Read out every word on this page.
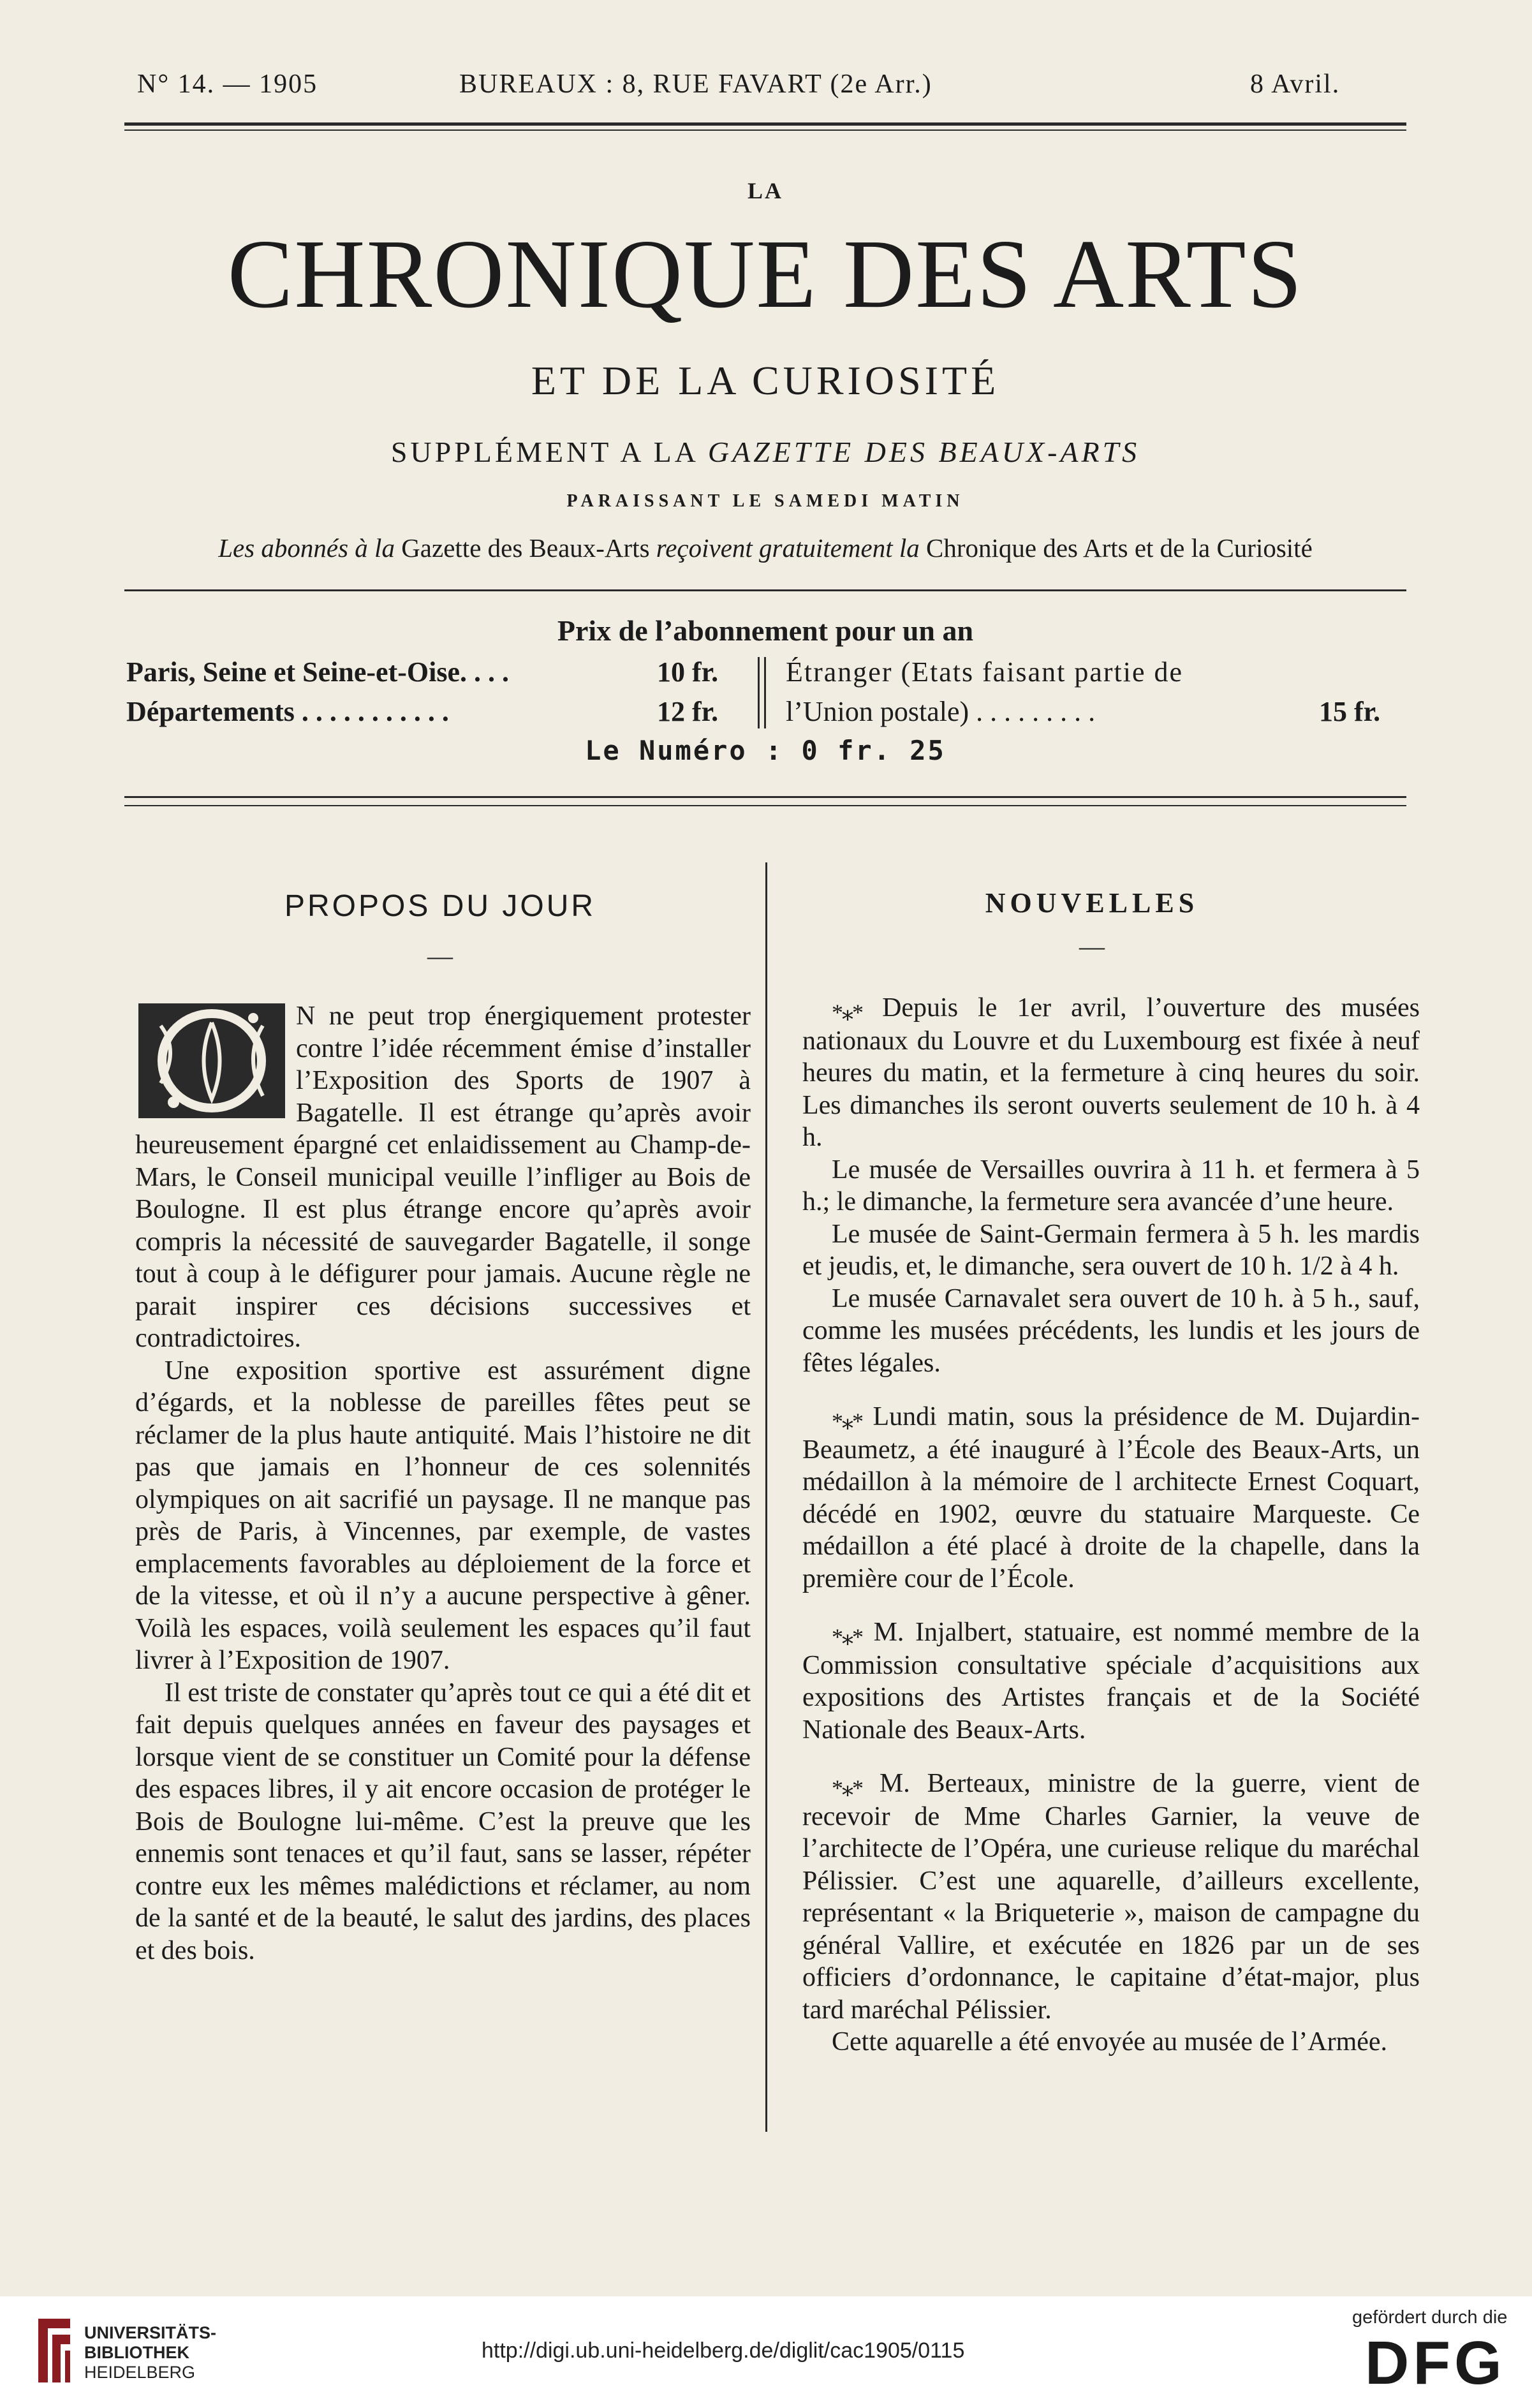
N° 14. — 1905	BUREAUX : 8, RUE FAVART (2e Arr.)	8 Avril.
LA
CHRONIQUE DES ARTS
ET DE LA CURIOSITÉ
SUPPLÉMENT A LA GAZETTE DES BEAUX-ARTS
PARAISSANT LE SAMEDI MATIN
Les abonnés à la Gazette des Beaux-Arts reçoivent gratuitement la Chronique des Arts et de la Curiosité
Prix de l’abonnement pour un an
Paris, Seine et Seine-et-Oise. . . .	10 fr.
Départements . . . . . . . . . . .	12 fr.
Étranger (Etats faisant partie de
l’Union postale) . . . . . . . . .	15 fr.
Le Numéro : 0 fr. 25
PROPOS DU JOUR
—

N ne peut trop énergiquement protester contre l’idée récemment émise d’installer l’Exposition des Sports de 1907 à Bagatelle. Il est étrange qu’après avoir heureusement épargné cet enlaidissement au Champ-de-Mars, le Conseil municipal veuille l’infliger au Bois de Boulogne. Il est plus étrange encore qu’après avoir compris la nécessité de sauvegarder Bagatelle, il songe tout à coup à le défigurer pour jamais. Aucune règle ne parait inspirer ces décisions successives et contradictoires.

Une exposition sportive est assurément digne d’égards, et la noblesse de pareilles fêtes peut se réclamer de la plus haute antiquité. Mais l’histoire ne dit pas que jamais en l’honneur de ces solennités olympiques on ait sacrifié un paysage. Il ne manque pas près de Paris, à Vincennes, par exemple, de vastes emplacements favorables au déploiement de la force et de la vitesse, et où il n’y a aucune perspective à gêner. Voilà les espaces, voilà seulement les espaces qu’il faut livrer à l’Exposition de 1907.

Il est triste de constater qu’après tout ce qui a été dit et fait depuis quelques années en faveur des paysages et lorsque vient de se constituer un Comité pour la défense des espaces libres, il y ait encore occasion de protéger le Bois de Boulogne lui-même. C’est la preuve que les ennemis sont tenaces et qu’il faut, sans se lasser, répéter contre eux les mêmes malédictions et réclamer, au nom de la santé et de la beauté, le salut des jardins, des places et des bois.

NOUVELLES
—

*⁎* Depuis le 1er avril, l’ouverture des musées nationaux du Louvre et du Luxembourg est fixée à neuf heures du matin, et la fermeture à cinq heures du soir. Les dimanches ils seront ouverts seulement de 10 h. à 4 h.

Le musée de Versailles ouvrira à 11 h. et fermera à 5 h.; le dimanche, la fermeture sera avancée d’une heure.

Le musée de Saint-Germain fermera à 5 h. les mardis et jeudis, et, le dimanche, sera ouvert de 10 h. 1/2 à 4 h.

Le musée Carnavalet sera ouvert de 10 h. à 5 h., sauf, comme les musées précédents, les lundis et les jours de fêtes légales.

*⁎* Lundi matin, sous la présidence de M. Dujardin-Beaumetz, a été inauguré à l’École des Beaux-Arts, un médaillon à la mémoire de l architecte Ernest Coquart, décédé en 1902, œuvre du statuaire Marqueste. Ce médaillon a été placé à droite de la chapelle, dans la première cour de l’École.

*⁎* M. Injalbert, statuaire, est nommé membre de la Commission consultative spéciale d’acquisitions aux expositions des Artistes français et de la Société Nationale des Beaux-Arts.

*⁎* M. Berteaux, ministre de la guerre, vient de recevoir de Mme Charles Garnier, la veuve de l’architecte de l’Opéra, une curieuse relique du maréchal Pélissier. C’est une aquarelle, d’ailleurs excellente, représentant « la Briqueterie », maison de campagne du général Vallire, et exécutée en 1826 par un de ses officiers d’ordonnance, le capitaine d’état-major, plus tard maréchal Pélissier.

Cette aquarelle a été envoyée au musée de l’Armée.

UNIVERSITÄTS-
BIBLIOTHEK
HEIDELBERG
http://digi.ub.uni-heidelberg.de/diglit/cac1905/0115
gefördert durch die
DFG
